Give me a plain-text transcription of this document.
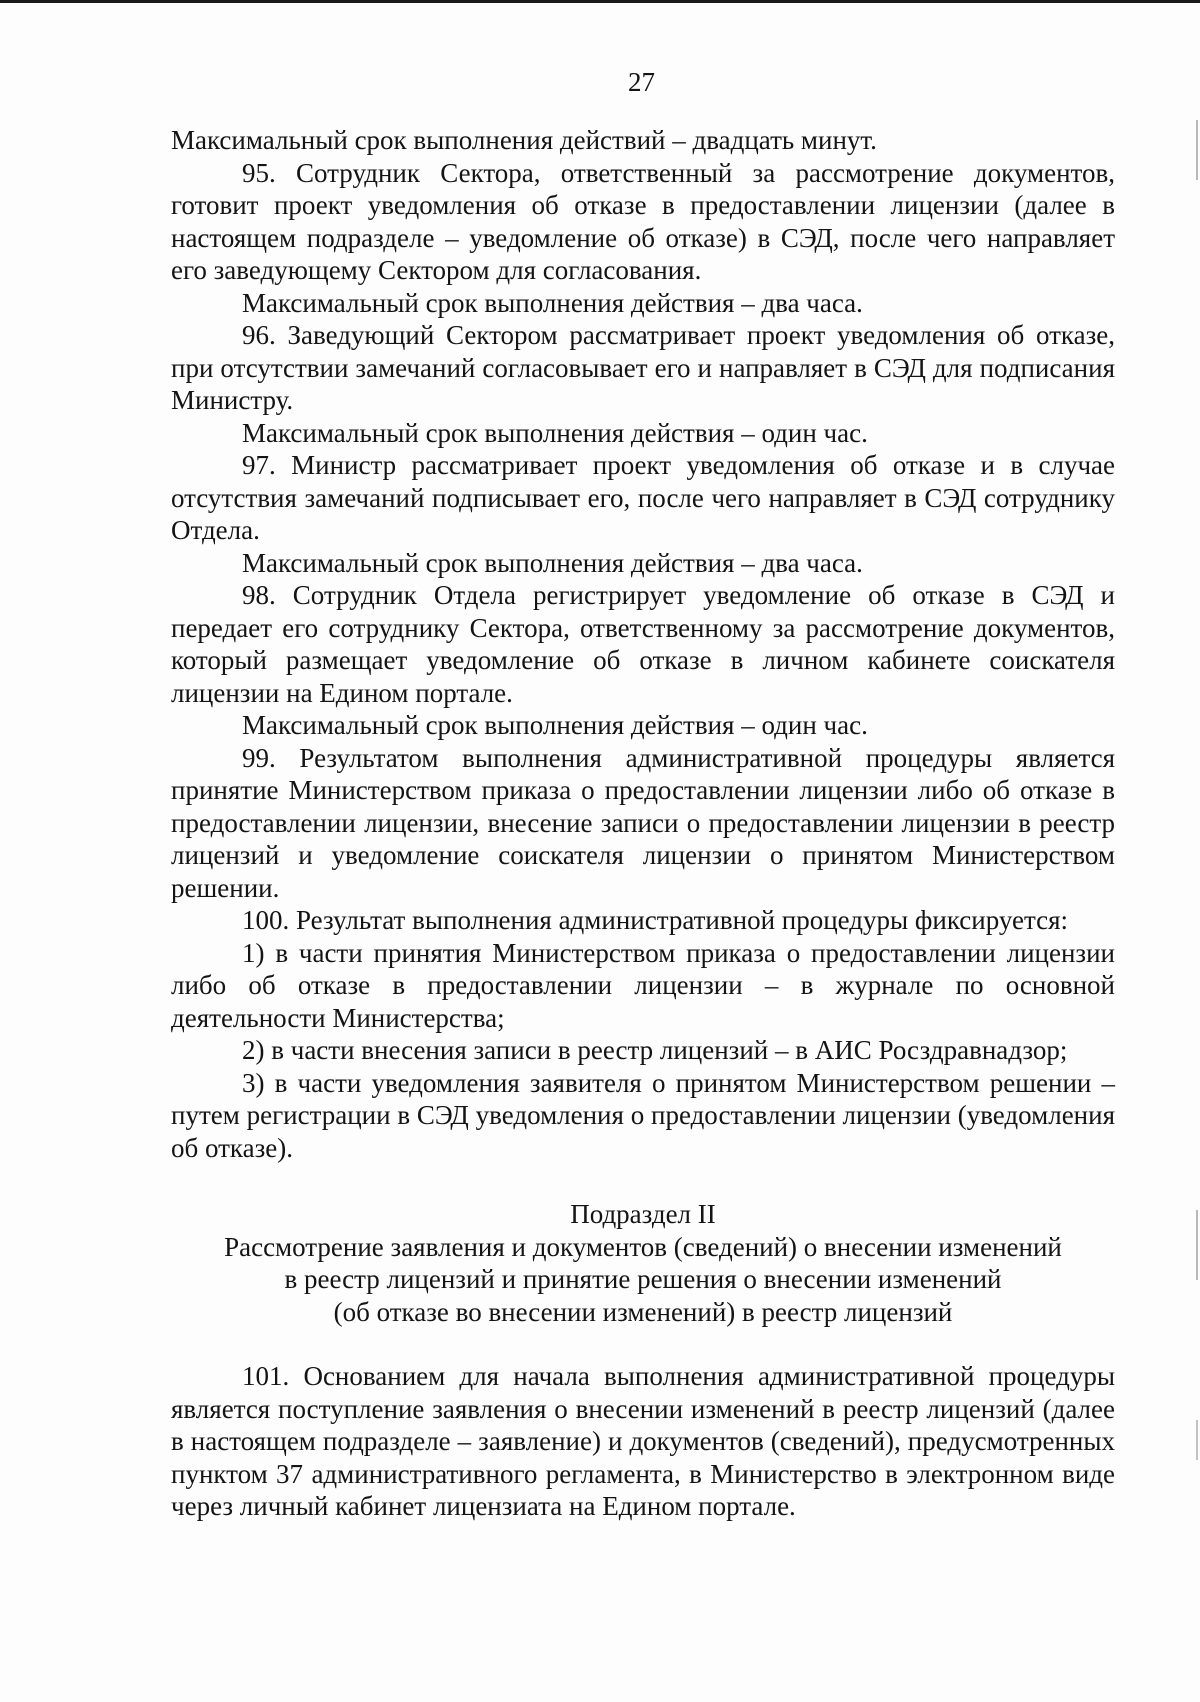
27

Максимальный срок выполнения действий – двадцать минут.

95. Сотрудник Сектора, ответственный за рассмотрение документов, готовит проект уведомления об отказе в предоставлении лицензии (далее в настоящем подразделе – уведомление об отказе) в СЭД, после чего направляет его заведующему Сектором для согласования.

Максимальный срок выполнения действия – два часа.

96. Заведующий Сектором рассматривает проект уведомления об отказе, при отсутствии замечаний согласовывает его и направляет в СЭД для подписания Министру.

Максимальный срок выполнения действия – один час.

97. Министр рассматривает проект уведомления об отказе и в случае отсутствия замечаний подписывает его, после чего направляет в СЭД сотруднику Отдела.

Максимальный срок выполнения действия – два часа.

98. Сотрудник Отдела регистрирует уведомление об отказе в СЭД и передает его сотруднику Сектора, ответственному за рассмотрение документов, который размещает уведомление об отказе в личном кабинете соискателя лицензии на Едином портале.

Максимальный срок выполнения действия – один час.

99. Результатом выполнения административной процедуры является принятие Министерством приказа о предоставлении лицензии либо об отказе в предоставлении лицензии, внесение записи о предоставлении лицензии в реестр лицензий и уведомление соискателя лицензии о принятом Министерством решении.

100. Результат выполнения административной процедуры фиксируется:

1) в части принятия Министерством приказа о предоставлении лицензии либо об отказе в предоставлении лицензии – в журнале по основной деятельности Министерства;

2) в части внесения записи в реестр лицензий – в АИС Росздравнадзор;

3) в части уведомления заявителя о принятом Министерством решении – путем регистрации в СЭД уведомления о предоставлении лицензии (уведомления об отказе).

Подраздел II
Рассмотрение заявления и документов (сведений) о внесении изменений
в реестр лицензий и принятие решения о внесении изменений
(об отказе во внесении изменений) в реестр лицензий

101. Основанием для начала выполнения административной процедуры является поступление заявления о внесении изменений в реестр лицензий (далее в настоящем подразделе – заявление) и документов (сведений), предусмотренных пунктом 37 административного регламента, в Министерство в электронном виде через личный кабинет лицензиата на Едином портале.
